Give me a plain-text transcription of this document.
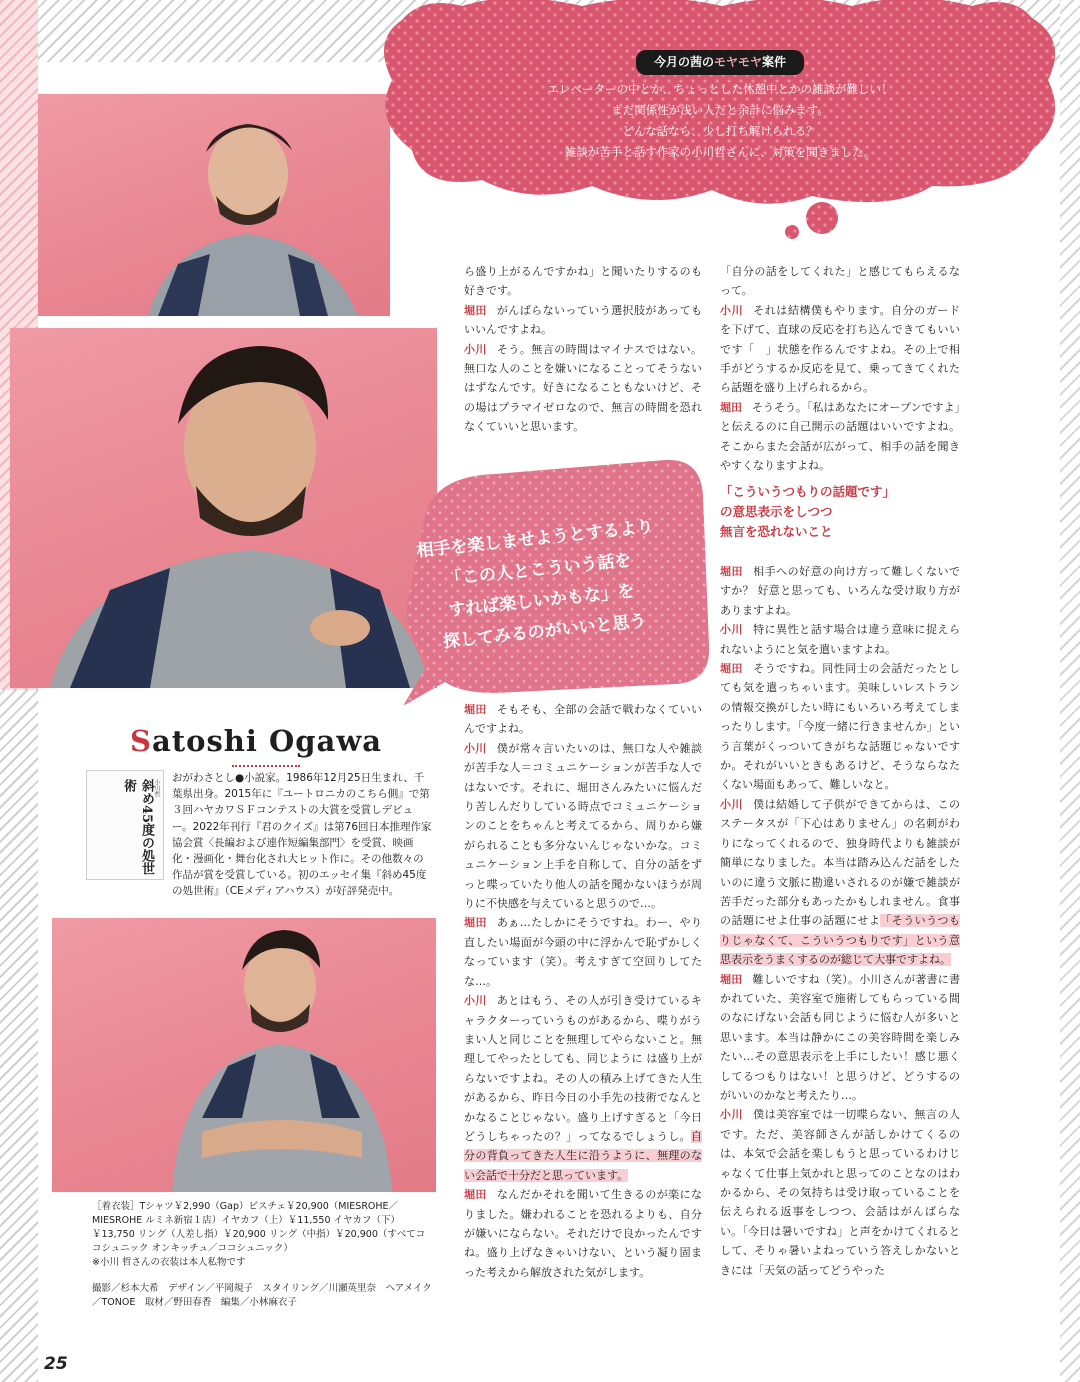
今月の茜のモヤモヤ案件
エレベーターの中とか、ちょっとした休憩中とかの雑談が難しい！
まだ関係性が浅い人だと余計に悩みます。
どんな話なら、少し打ち解けられる？
雑談が苦手と話す作家の小川哲さんに、対策を聞きました。
相手を楽しませようとするより
「この人とこういう話を
すれば楽しいかもな」を
探してみるのがいいと思う
Satoshi Ogawa
小川哲
斜め45度の処世術
おがわさとし●小説家。1986年12月25日生まれ、千葉県出身。2015年に『ユートロニカのこちら側』で第３回ハヤカワＳＦコンテストの大賞を受賞しデビュー。2022年刊行『君のクイズ』は第76回日本推理作家協会賞〈長編および連作短編集部門〉を受賞、映画化・漫画化・舞台化され大ヒット作に。その他数々の作品が賞を受賞している。初のエッセイ集『斜め45度の処世術』（CEメディアハウス）が好評発売中。

［着衣装］Tシャツ￥2,990（Gap）ビスチェ￥20,900（MIESROHE／MIESROHE ルミネ新宿１店）イヤカフ（上）￥11,550 イヤカフ（下）￥13,750 リング（人差し指）￥20,900 リング（中指）￥20,900（すべてココシュニック オンキッチュ／ココシュニック）

※小川 哲さんの衣装は本人私物です

撮影／杉本大希　デザイン／平岡規子　スタイリング／川瀬英里奈　ヘアメイク／TONOE　取材／野田春香　編集／小林麻衣子

ら盛り上がるんですかね」と聞いたりするのも好きです。

堀田 がんばらないっていう選択肢があってもいいんですよね。

小川 そう。無言の時間はマイナスではない。無口な人のことを嫌いになることってそうないはずなんです。好きになることもないけど、その場はプラマイゼロなので、無言の時間を恐れなくていいと思います。

堀田 そもそも、全部の会話で戦わなくていいんですよね。

小川 僕が常々言いたいのは、無口な人や雑談が苦手な人＝コミュニケーションが苦手な人ではないです。それに、堀田さんみたいに悩んだり苦しんだりしている時点でコミュニケーションのことをちゃんと考えてるから、周りから嫌がられることも多分ないんじゃないかな。コミュニケーション上手を自称して、自分の話をずっと喋っていたり他人の話を聞かないほうが周りに不快感を与えていると思うので…。

堀田 あぁ…たしかにそうですね。わー、やり直したい場面が今頭の中に浮かんで恥ずかしくなっています（笑）。考えすぎて空回りしてたな…。

小川 あとはもう、その人が引き受けているキャラクターっていうものがあるから、喋りがうまい人と同じことを無理してやらないこと。無理してやったとしても、同じように は盛り上がらないですよね。その人の積み上げてきた人生があるから、昨日今日の小手先の技術でなんとかなることじゃない。盛り上げすぎると「今日どうしちゃったの？」ってなるでしょうし。自分の背負ってきた人生に沿うように、無理のない会話で十分だと思っています。

堀田 なんだかそれを聞いて生きるのが楽になりました。嫌われることを恐れるよりも、自分が嫌いにならない。それだけで良かったんですね。盛り上げなきゃいけない、という凝り固まった考えから解放された気がします。

「自分の話をしてくれた」と感じてもらえるなって。

小川 それは結構僕もやります。自分のガードを下げて、直球の反応を打ち込んできてもいいです「　」状態を作るんですよね。その上で相手がどうするか反応を見て、乗ってきてくれたら話題を盛り上げられるから。

堀田 そうそう。「私はあなたにオープンですよ」と伝えるのに自己開示の話題はいいですよね。そこからまた会話が広がって、相手の話を聞きやすくなりますよね。

「こういうつもりの話題です」
の意思表示をしつつ
無言を恐れないこと

堀田 相手への好意の向け方って難しくないですか？ 好意と思っても、いろんな受け取り方がありますよね。

小川 特に異性と話す場合は違う意味に捉えられないようにと気を遣いますよね。

堀田 そうですね。同性同士の会話だったとしても気を遣っちゃいます。美味しいレストランの情報交換がしたい時にもいろいろ考えてしまったりします。「今度一緒に行きませんか」という言葉がくっついてきがちな話題じゃないですか。それがいいときもあるけど、そうならなたくない場面もあって、難しいなと。

小川 僕は結婚して子供ができてからは、このステータスが「下心はありません」の名刺がわりになってくれるので、独身時代よりも雑談が簡単になりました。本当は踏み込んだ話をしたいのに違う文脈に勘違いされるのが嫌で雑談が苦手だった部分もあったかもしれません。食事の話題にせよ仕事の話題にせよ「そういうつもりじゃなくて、こういうつもりです」という意思表示をうまくするのが総じて大事ですよね。

堀田 難しいですね（笑）。小川さんが著書に書かれていた、美容室で施術してもらっている間のなにげない会話も同じように悩む人が多いと思います。本当は静かにこの美容時間を楽しみたい…その意思表示を上手にしたい！感じ悪くしてるつもりはない！と思うけど、どうするのがいいのかなと考えたり…。

小川 僕は美容室では一切喋らない、無言の人です。ただ、美容師さんが話しかけてくるのは、本気で会話を楽しもうと思っているわけじゃなくて仕事上気かれと思ってのことなのはわかるから、その気持ちは受け取っていることを伝えられる返事をしつつ、会話はがんばらない。「今日は暑いですね」と声をかけてくれるとして、そりゃ暑いよねっていう答えしかないときには「天気の話ってどうやった

25
